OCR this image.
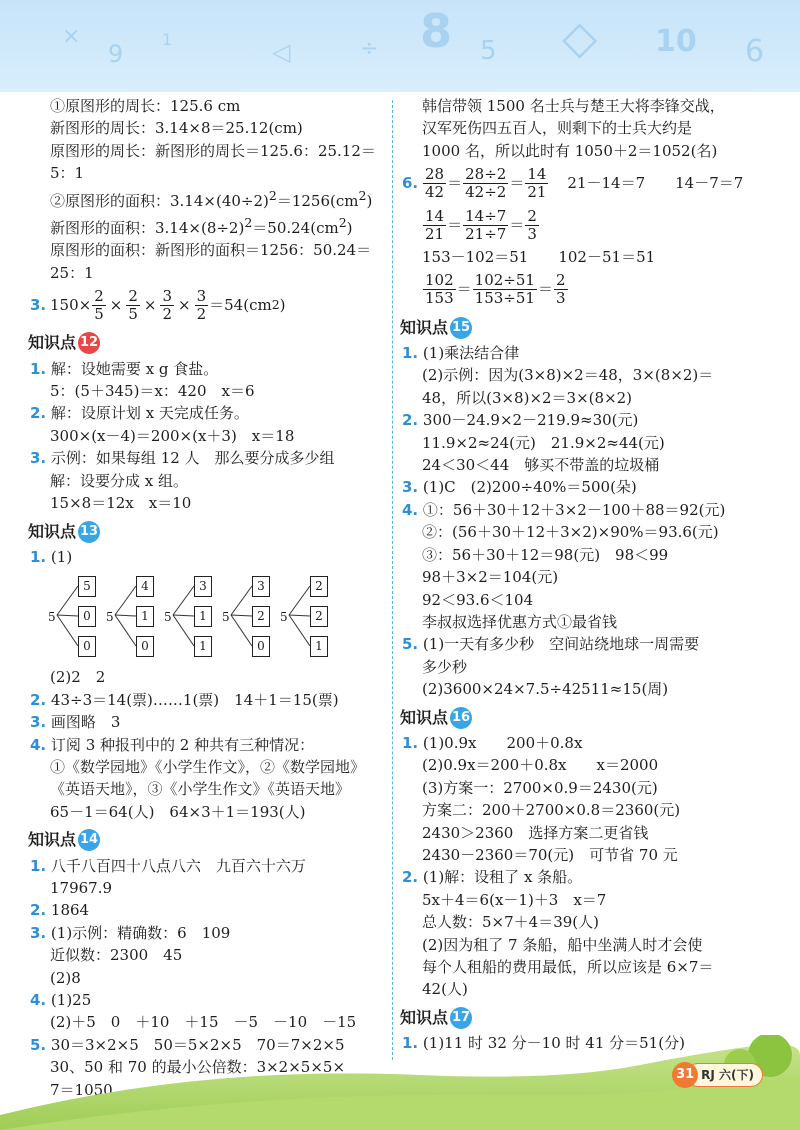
×
9
1	◁	÷ 8 5 ◇ 10 6
①原图形的周长：125.6 cm
新图形的周长：3.14×8＝25.12(cm)
原图形的周长：新图形的周长＝125.6：25.12＝
5：1
②原图形的面积：$3.14\times(40\div 2)^2=1256(cm^2)$
新图形的面积：$3.14\times(8\div 2)^2=50.24(cm^2)$
原图形的面积：新图形的面积＝1256：50.24＝
25：1
3. $150\times \frac{2}{5} \times \frac{2}{5} \times \frac{3}{2} \times \frac{3}{2} =54(cm$ 2 )
知识点 12
1. 解：设她需要 x g 食盐。
5：(5＋345)＝x：420　x＝6
2. 解：设原计划 x 天完成任务。
300×(x－4)＝200×(x＋3)　x＝18
3. 示例：如果每组 12 人　那么要分成多少组
解：设要分成 x 组。
15×8＝12x　x＝10
知识点 13
1. (1)
5
5
0
0
5
4
1
0
5
3
1
1
5
3
2
0
5
2
2
1
(2)2　2
2. 43÷3＝14(票)……1(票)　14＋1＝15(票)
3. 画图略　3
4. 订阅 3 种报刊中的 2 种共有三种情况：
①《数学园地》《小学生作文》，②《数学园地》
《英语天地》，③《小学生作文》《英语天地》
65－1＝64(人)　64×3＋1＝193(人)
知识点 14
1. 八千八百四十八点八六　九百六十六万
17967.9
2. 1864
3. (1)示例：精确数：6　109
近似数：2300　45
(2)8
4. (1)25
(2)＋5　0　＋10　＋15　－5　－10　－15
5. 30＝3×2×5　50＝5×2×5　70＝7×2×5
30、50 和 70 的最小公倍数：3×2×5×5×
7＝1050
韩信带领 1500 名士兵与楚王大将李锋交战，
汉军死伤四五百人，则剩下的士兵大约是
1000 名，所以此时有 1050＋2＝1052(名)
6.
28
42 ＝
28÷2
42÷2 ＝
14
21 21－14＝7　　14－7＝7
14
21 ＝
14÷7
21÷7 ＝
2
3
153－102＝51　　102－51＝51
102
153 ＝
102÷51
153÷51 ＝
2
3
知识点 15
1. (1)乘法结合律
(2)示例：因为(3×8)×2＝48，3×(8×2)＝
48，所以(3×8)×2＝3×(8×2)
2. 300－24.9×2－219.9≈30(元)
11.9×2≈24(元)　21.9×2≈44(元)
24＜30＜44　够买不带盖的垃圾桶
3. (1)C　(2)200÷40%＝500(朵)
4. ①：56＋30＋12＋3×2－100＋88＝92(元)
②：(56＋30＋12＋3×2)×90%＝93.6(元)
③：56＋30＋12＝98(元)　98＜99
98＋3×2＝104(元)
92＜93.6＜104
李叔叔选择优惠方式①最省钱
5. (1)一天有多少秒　空间站绕地球一周需要
多少秒
(2)3600×24×7.5÷42511≈15(周)
知识点 16
1. (1)0.9x　　200＋0.8x
(2)0.9x＝200＋0.8x　　x＝2000
(3)方案一：2700×0.9＝2430(元)
方案二：200＋2700×0.8＝2360(元)
2430＞2360　选择方案二更省钱
2430－2360＝70(元)　可节省 70 元
2. (1)解：设租了 x 条船。
5x＋4＝6(x－1)＋3　x＝7
总人数：5×7＋4＝39(人)
(2)因为租了 7 条船，船中坐满人时才会使
每个人租船的费用最低，所以应该是 6×7＝
42(人)
知识点 17
1. (1)11 时 32 分－10 时 41 分＝51(分)
31 RJ 六(下)
